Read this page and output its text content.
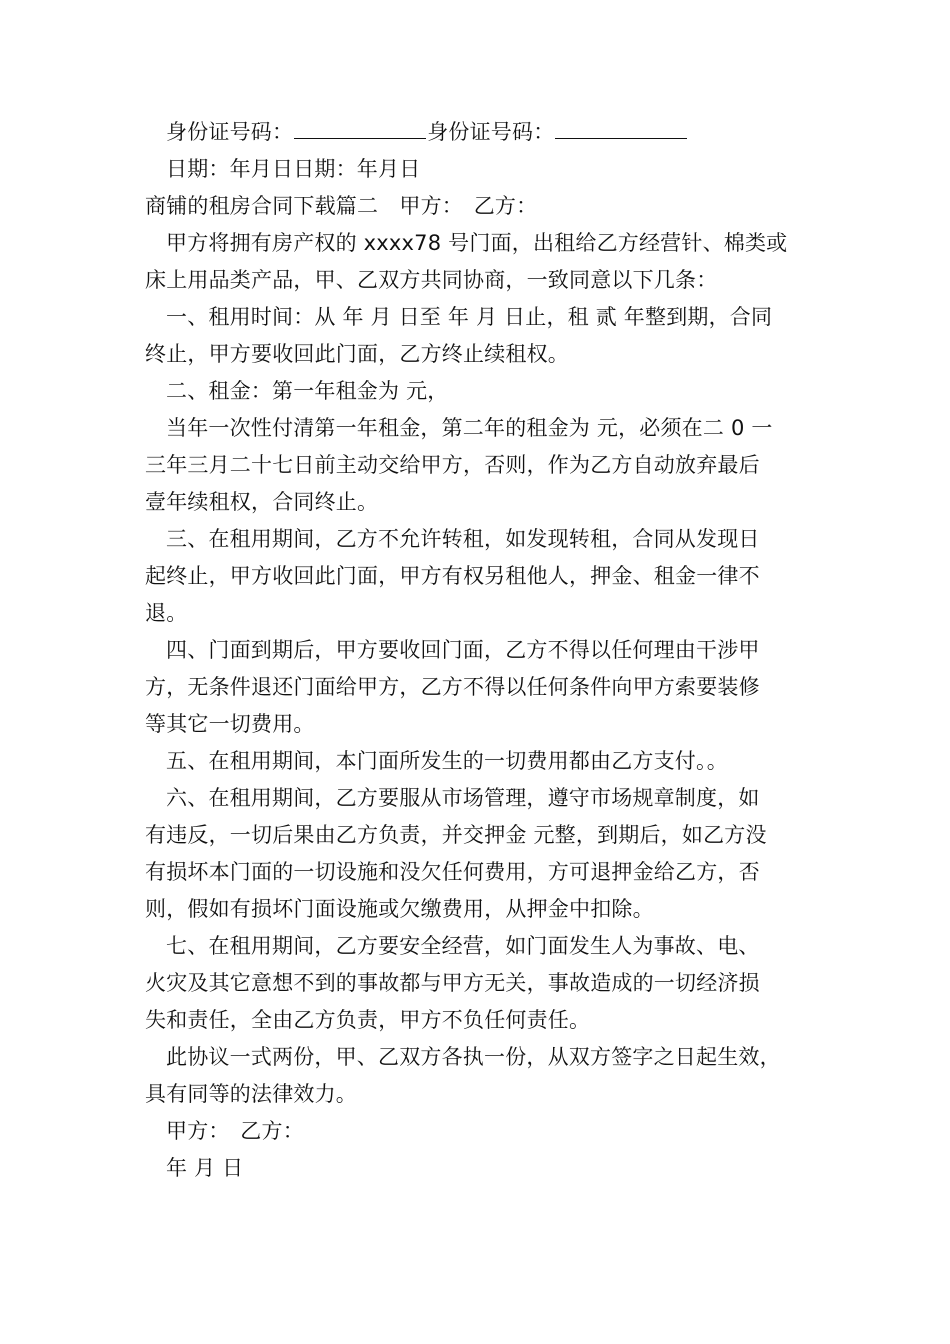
身份证号码：	身份证号码：
日期：年月日日期：年月日
商铺的租房合同下载篇二　甲方：　乙方：
甲方将拥有房产权的 xxxx78 号门面，出租给乙方经营针、棉类或
床上用品类产品，甲、乙双方共同协商，一致同意以下几条：
一、租用时间：从 年 月 日至 年 月 日止，租 贰 年整到期，合同
终止，甲方要收回此门面，乙方终止续租权。
二、租金：第一年租金为 元，
当年一次性付清第一年租金，第二年的租金为 元，必须在二 0 一
三年三月二十七日前主动交给甲方，否则，作为乙方自动放弃最后
壹年续租权，合同终止。
三、在租用期间，乙方不允许转租，如发现转租，合同从发现日
起终止，甲方收回此门面，甲方有权另租他人，押金、租金一律不
退。
四、门面到期后，甲方要收回门面，乙方不得以任何理由干涉甲
方，无条件退还门面给甲方，乙方不得以任何条件向甲方索要装修
等其它一切费用。
五、在租用期间，本门面所发生的一切费用都由乙方支付。。
六、在租用期间，乙方要服从市场管理，遵守市场规章制度，如
有违反，一切后果由乙方负责，并交押金 元整，到期后，如乙方没
有损坏本门面的一切设施和没欠任何费用，方可退押金给乙方，否
则，假如有损坏门面设施或欠缴费用，从押金中扣除。
七、在租用期间，乙方要安全经营，如门面发生人为事故、电、
火灾及其它意想不到的事故都与甲方无关，事故造成的一切经济损
失和责任，全由乙方负责，甲方不负任何责任。
此协议一式两份，甲、乙双方各执一份，从双方签字之日起生效，
具有同等的法律效力。
甲方：　乙方：
年 月 日
